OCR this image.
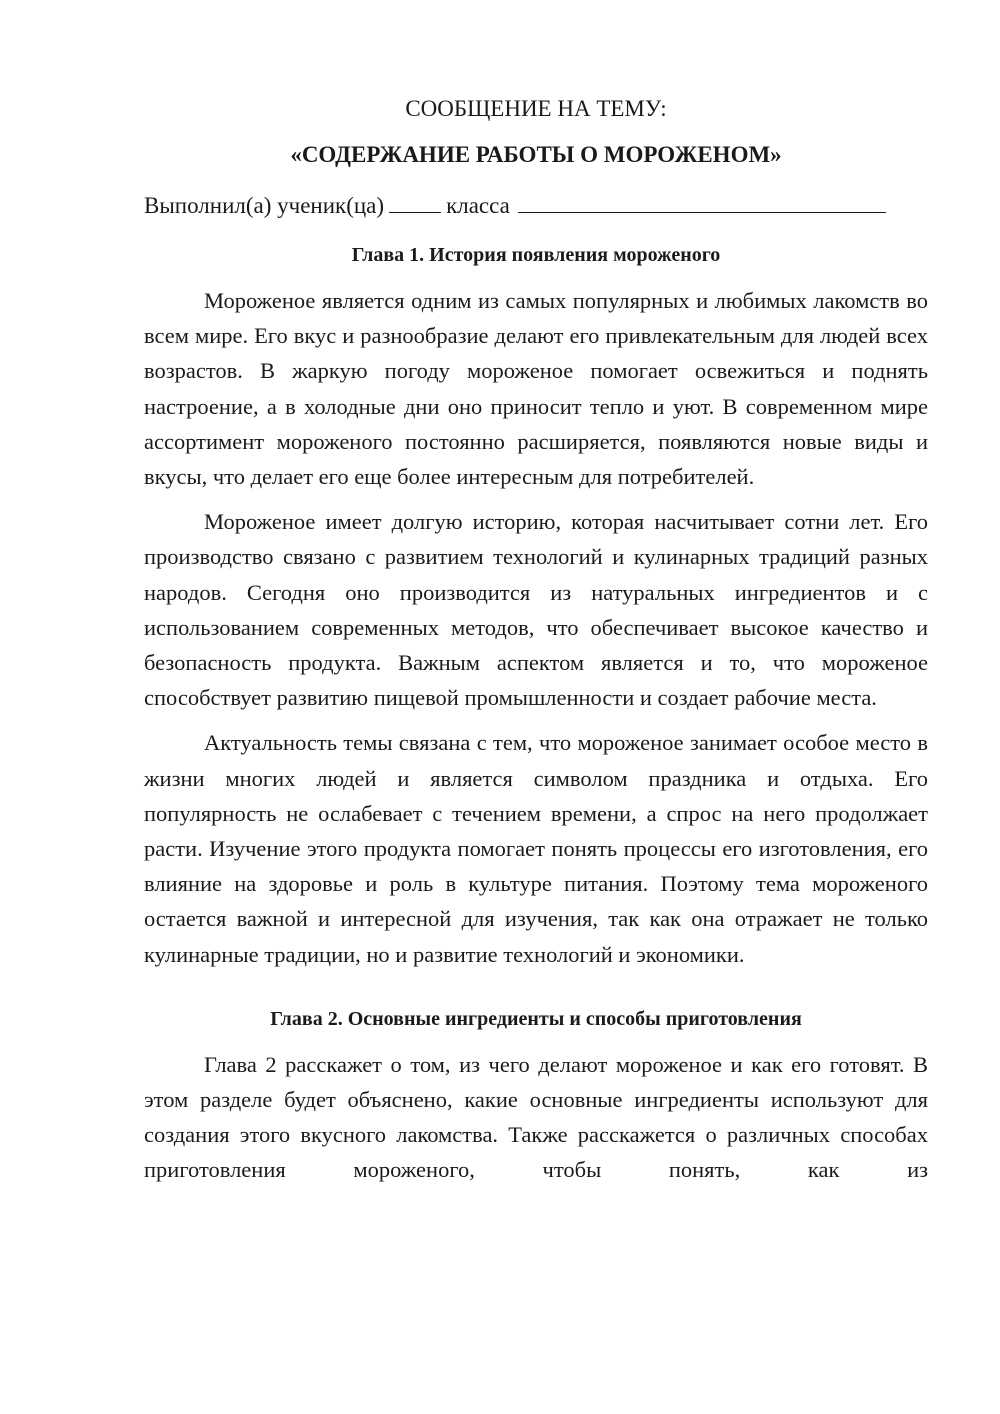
СООБЩЕНИЕ НА ТЕМУ:
«СОДЕРЖАНИЕ РАБОТЫ О МОРОЖЕНОМ»
Выполнил(а) ученик(ца)	класса
Глава 1. История появления мороженого

Мороженое является одним из самых популярных и любимых лакомств во всем мире. Его вкус и разнообразие делают его привлекательным для людей всех возрастов. В жаркую погоду мороженое помогает освежиться и поднять настроение, а в холодные дни оно приносит тепло и уют. В современном мире ассортимент мороженого постоянно расширяется, появляются новые виды и вкусы, что делает его еще более интересным для потребителей.

Мороженое имеет долгую историю, которая насчитывает сотни лет. Его производство связано с развитием технологий и кулинарных традиций разных народов. Сегодня оно производится из натуральных ингредиентов и с использованием современных методов, что обеспечивает высокое качество и безопасность продукта. Важным аспектом является и то, что мороженое способствует развитию пищевой промышленности и создает рабочие места.

Актуальность темы связана с тем, что мороженое занимает особое место в жизни многих людей и является символом праздника и отдыха. Его популярность не ослабевает с течением времени, а спрос на него продолжает расти. Изучение этого продукта помогает понять процессы его изготовления, его влияние на здоровье и роль в культуре питания. Поэтому тема мороженого остается важной и интересной для изучения, так как она отражает не только кулинарные традиции, но и развитие технологий и экономики.

Глава 2. Основные ингредиенты и способы приготовления

Глава 2 расскажет о том, из чего делают мороженое и как его готовят. В этом разделе будет объяснено, какие основные ингредиенты используют для создания этого вкусного лакомства. Также расскажется о различных способах приготовления мороженого, чтобы понять, как из
